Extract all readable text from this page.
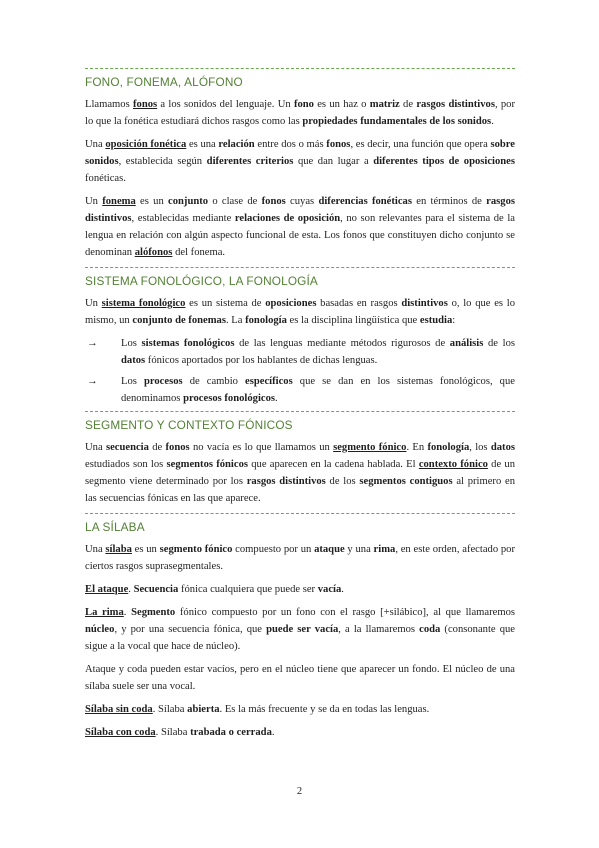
FONO, FONEMA, ALÓFONO

Llamamos fonos a los sonidos del lenguaje. Un fono es un haz o matriz de rasgos distintivos, por lo que la fonética estudiará dichos rasgos como las propiedades fundamentales de los sonidos.

Una oposición fonética es una relación entre dos o más fonos, es decir, una función que opera sobre sonidos, establecida según diferentes criterios que dan lugar a diferentes tipos de oposiciones fonéticas.

Un fonema es un conjunto o clase de fonos cuyas diferencias fonéticas en términos de rasgos distintivos, establecidas mediante relaciones de oposición, no son relevantes para el sistema de la lengua en relación con algún aspecto funcional de esta. Los fonos que constituyen dicho conjunto se denominan alófonos del fonema.

SISTEMA FONOLÓGICO, LA FONOLOGÍA

Un sistema fonológico es un sistema de oposiciones basadas en rasgos distintivos o, lo que es lo mismo, un conjunto de fonemas. La fonología es la disciplina lingüística que estudia:

→	Los sistemas fonológicos de las lenguas mediante métodos rigurosos de análisis de los datos fónicos aportados por los hablantes de dichas lenguas.
→	Los procesos de cambio específicos que se dan en los sistemas fonológicos, que denominamos procesos fonológicos.
SEGMENTO Y CONTEXTO FÓNICOS

Una secuencia de fonos no vacía es lo que llamamos un segmento fónico. En fonología, los datos estudiados son los segmentos fónicos que aparecen en la cadena hablada. El contexto fónico de un segmento viene determinado por los rasgos distintivos de los segmentos contiguos al primero en las secuencias fónicas en las que aparece.

LA SÍLABA

Una sílaba es un segmento fónico compuesto por un ataque y una rima, en este orden, afectado por ciertos rasgos suprasegmentales.

El ataque. Secuencia fónica cualquiera que puede ser vacía.

La rima. Segmento fónico compuesto por un fono con el rasgo [+silábico], al que llamaremos núcleo, y por una secuencia fónica, que puede ser vacía, a la llamaremos coda (consonante que sigue a la vocal que hace de núcleo).

Ataque y coda pueden estar vacíos, pero en el núcleo tiene que aparecer un fondo. El núcleo de una sílaba suele ser una vocal.

Sílaba sin coda. Sílaba abierta. Es la más frecuente y se da en todas las lenguas.

Sílaba con coda. Sílaba trabada o cerrada.

2
